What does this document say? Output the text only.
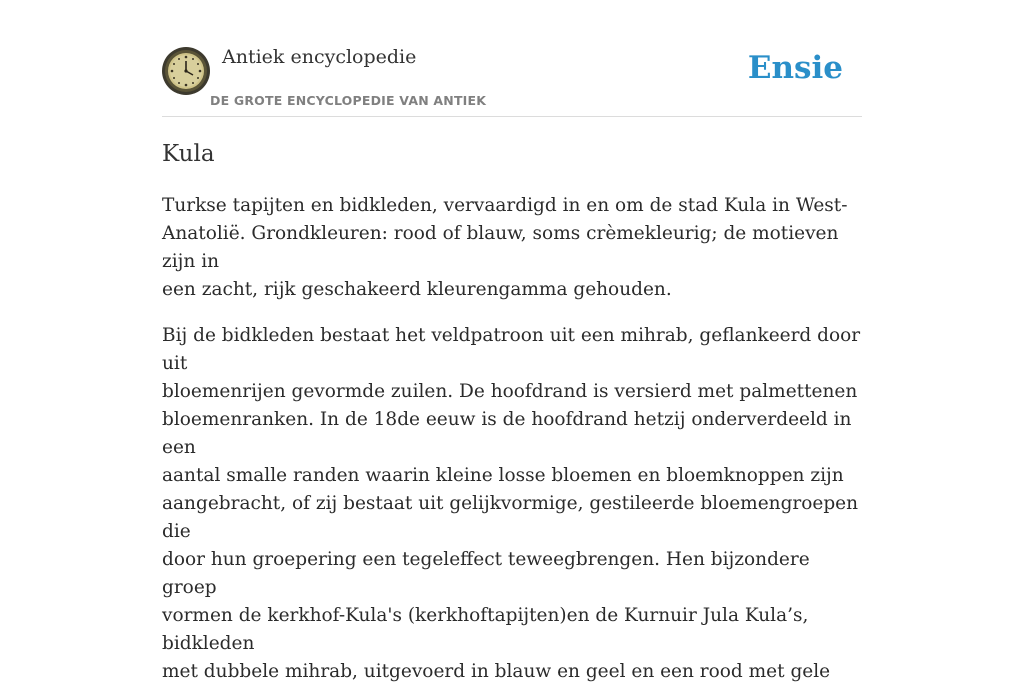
Antiek encyclopedie
DE GROTE ENCYCLOPEDIE VAN ANTIEK
Ensie
Kula

Turkse tapijten en bidkleden, vervaardigd in en om de stad Kula in West-
Anatolië. Grondkleuren: rood of blauw, soms crèmekleurig; de motieven zijn in
een zacht, rijk geschakeerd kleurengamma gehouden.

Bij de bidkleden bestaat het veldpatroon uit een mihrab, geflankeerd door uit
bloemenrijen gevormde zuilen. De hoofdrand is versierd met palmettenen
bloemenranken. In de 18de eeuw is de hoofdrand hetzij onderverdeeld in een
aantal smalle randen waarin kleine losse bloemen en bloemknoppen zijn
aangebracht, of zij bestaat uit gelijkvormige, gestileerde bloemengroepen die
door hun groepering een tegeleffect teweegbrengen. Hen bijzondere groep
vormen de kerkhof-Kula's (kerkhoftapijten)en de Kurnuir Jula Kula’s, bidkleden
met dubbele mihrab, uitgevoerd in blauw en geel en een rood met gele
